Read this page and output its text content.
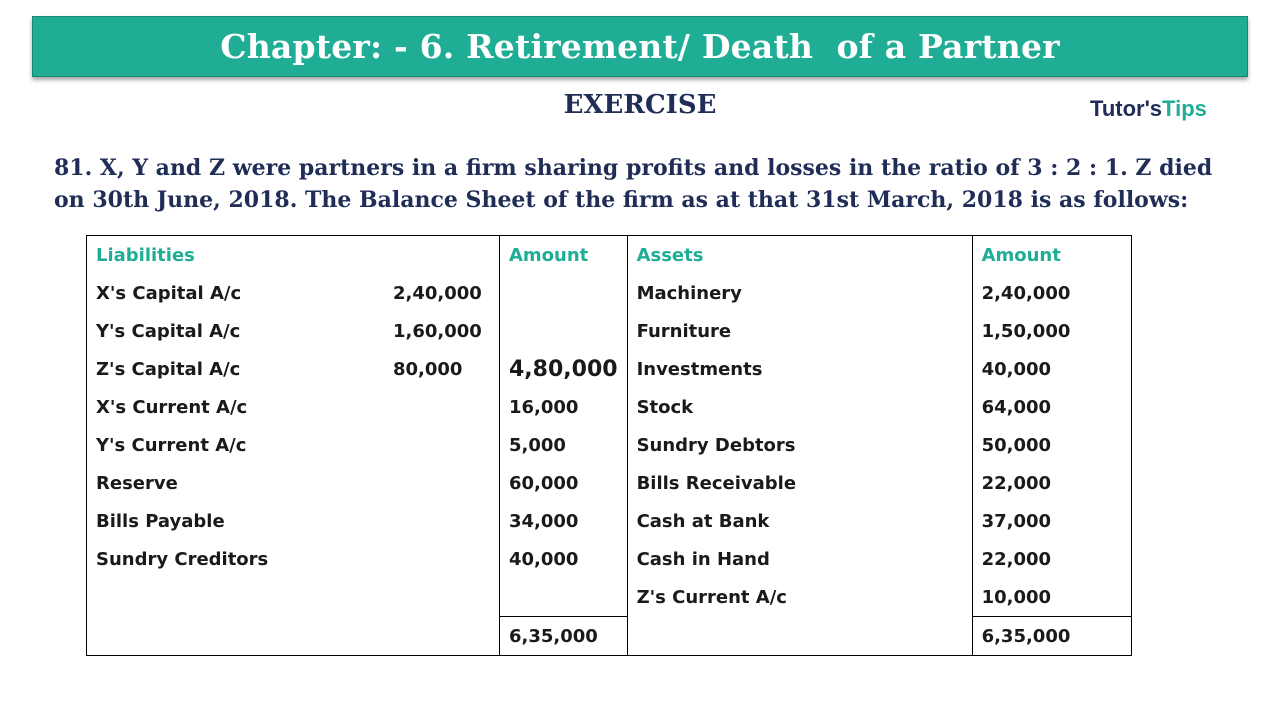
Chapter: - 6. Retirement/ Death  of a Partner
EXERCISE	Tutor'sTips
81. X, Y and Z were partners in a firm sharing profits and losses in the ratio of 3 : 2 : 1. Z died on 30th June, 2018. The Balance Sheet of the firm as at that 31st March, 2018 is as follows:
Liabilities		Amount	Assets	Amount
X's Capital A/c	2,40,000		Machinery	2,40,000
Y's Capital A/c	1,60,000		Furniture	1,50,000
Z's Capital A/c	80,000	4,80,000	Investments	40,000
X's Current A/c		16,000	Stock	64,000
Y's Current A/c		5,000	Sundry Debtors	50,000
Reserve		60,000	Bills Receivable	22,000
Bills Payable		34,000	Cash at Bank	37,000
Sundry Creditors		40,000	Cash in Hand	22,000
			Z's Current A/c	10,000
		6,35,000		6,35,000
